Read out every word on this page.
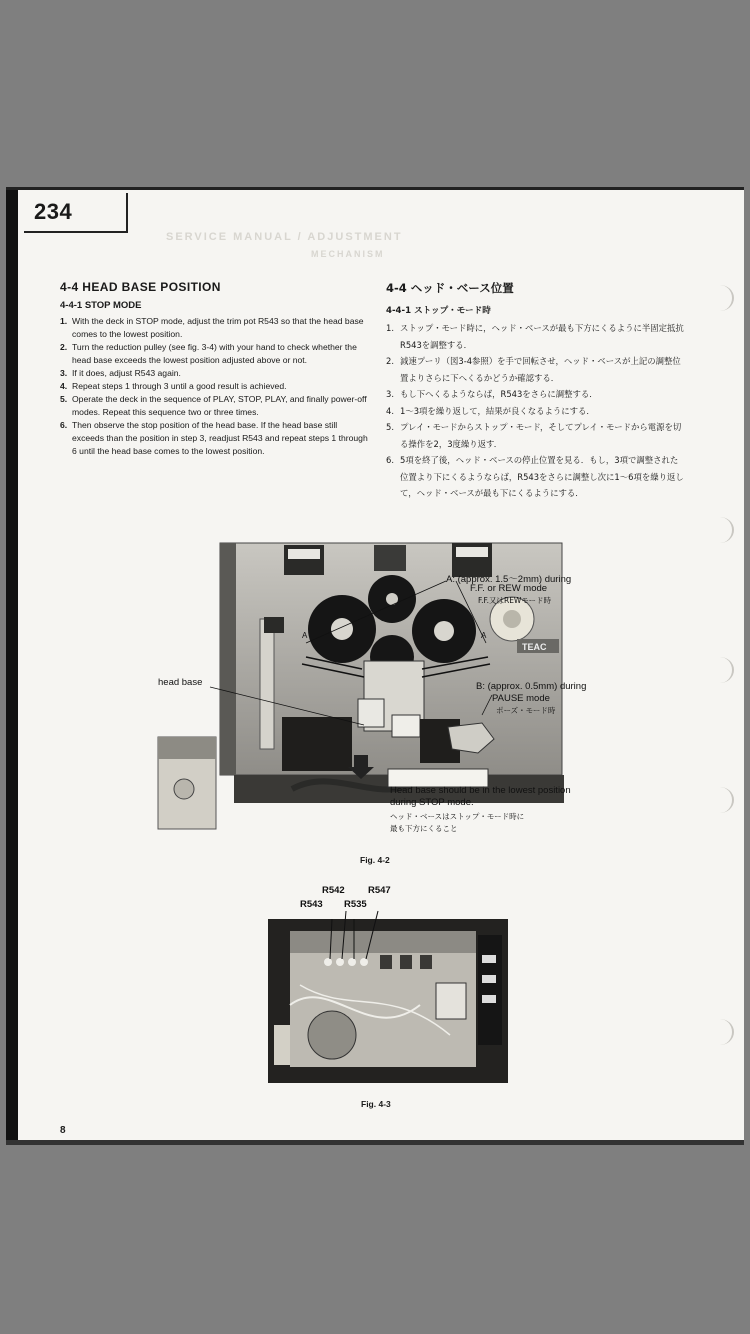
234
SERVICE MANUAL / ADJUSTMENT
MECHANISM
4-4 HEAD BASE POSITION
4-4-1 STOP MODE
1. With the deck in STOP mode, adjust the trim pot R543 so that the head base comes to the lowest position.
2. Turn the reduction pulley (see fig. 3-4) with your hand to check whether the head base exceeds the lowest position adjusted above or not.
3. If it does, adjust R543 again.
4. Repeat steps 1 through 3 until a good result is achieved.
5. Operate the deck in the sequence of PLAY, STOP, PLAY, and finally power-off modes. Repeat this sequence two or three times.
6. Then observe the stop position of the head base. If the head base still exceeds than the position in step 3, readjust R543 and repeat steps 1 through 6 until the head base comes to the lowest position.
4-4 ヘッド・ベース位置
4-4-1 ストップ・モード時
1. ストップ・モード時に，ヘッド・ベースが最も下方にくるように半固定抵抗R543を調整する．
2. 減速プーリ（図3-4参照）を手で回転させ，ヘッド・ベースが上記の調整位置よりさらに下へくるかどうか確認する．
3. もし下へくるようならば，R543をさらに調整する．
4. 1～3項を繰り返して，結果が良くなるようにする．
5. プレイ・モードからストップ・モード，そしてプレイ・モードから電源を切る操作を2，3度繰り返す．
6. 5項を終了後，ヘッド・ベースの停止位置を見る．もし，3項で調整された位置より下にくるようならば，R543をさらに調整し次に1～6項を繰り返して，ヘッド・ベースが最も下にくるようにする．
TEAC
A: (approx. 1.5～2mm) during
F.F. or REW mode
F.F.又はREWモード時
A	A
head base	B: (approx. 0.5mm) during
PAUSE mode
ポーズ・モード時
Head base should be in the lowest position
during STOP mode.
ヘッド・ベースはストップ・モード時に
最も下方にくること
Fig. 4-2
R542 R547
R543 R535
Fig. 4-3
8
